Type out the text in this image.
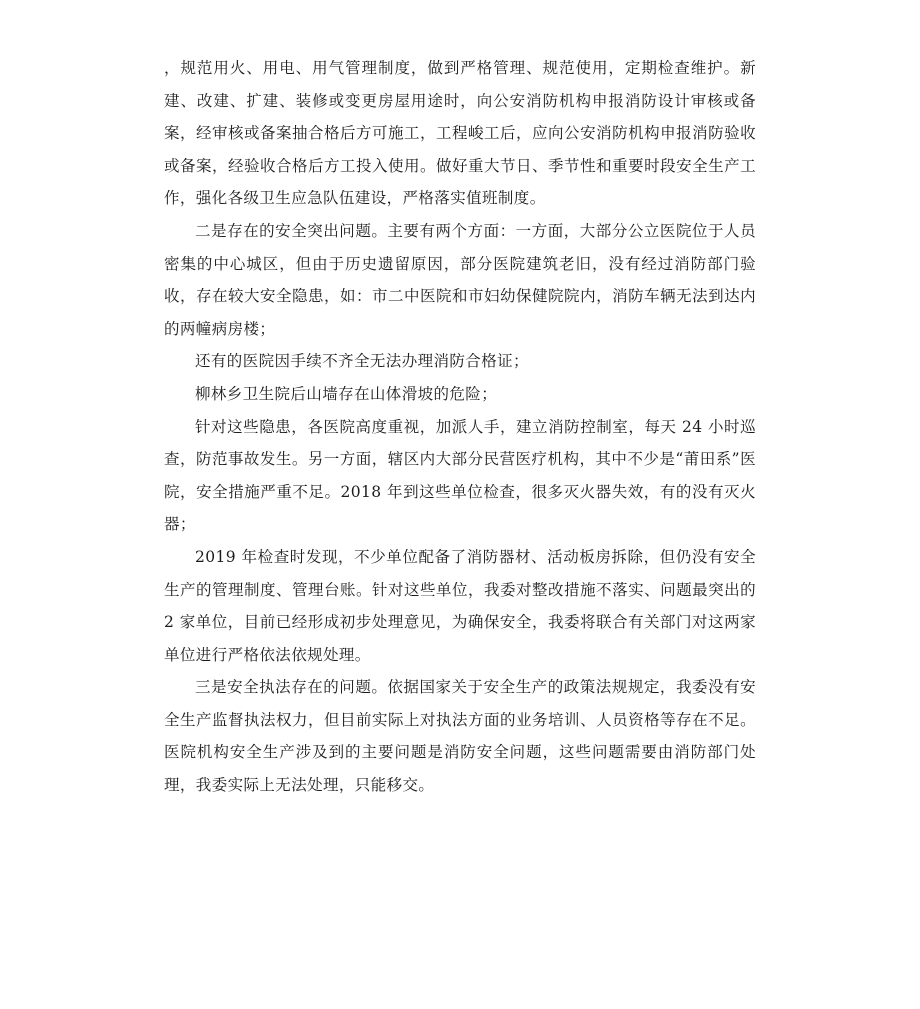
，规范用火、用电、用气管理制度，做到严格管理、规范使用，定期检查维护。新建、改建、扩建、装修或变更房屋用途时，向公安消防机构申报消防设计审核或备案，经审核或备案抽合格后方可施工，工程峻工后，应向公安消防机构申报消防验收或备案，经验收合格后方工投入使用。做好重大节日、季节性和重要时段安全生产工作，强化各级卫生应急队伍建设，严格落实值班制度。

二是存在的安全突出问题。主要有两个方面：一方面，大部分公立医院位于人员密集的中心城区，但由于历史遗留原因，部分医院建筑老旧，没有经过消防部门验收，存在较大安全隐患，如：市二中医院和市妇幼保健院院内，消防车辆无法到达内的两幢病房楼；

还有的医院因手续不齐全无法办理消防合格证；

柳林乡卫生院后山墙存在山体滑坡的危险；

针对这些隐患，各医院高度重视，加派人手，建立消防控制室，每天 24 小时巡查，防范事故发生。另一方面，辖区内大部分民营医疗机构，其中不少是“莆田系”医院，安全措施严重不足。2018 年到这些单位检查，很多灭火器失效，有的没有灭火器；

2019 年检查时发现，不少单位配备了消防器材、活动板房拆除，但仍没有安全生产的管理制度、管理台账。针对这些单位，我委对整改措施不落实、问题最突出的 2 家单位，目前已经形成初步处理意见，为确保安全，我委将联合有关部门对这两家单位进行严格依法依规处理。

三是安全执法存在的问题。依据国家关于安全生产的政策法规规定，我委没有安全生产监督执法权力，但目前实际上对执法方面的业务培训、人员资格等存在不足。医院机构安全生产涉及到的主要问题是消防安全问题，这些问题需要由消防部门处理，我委实际上无法处理，只能移交。
